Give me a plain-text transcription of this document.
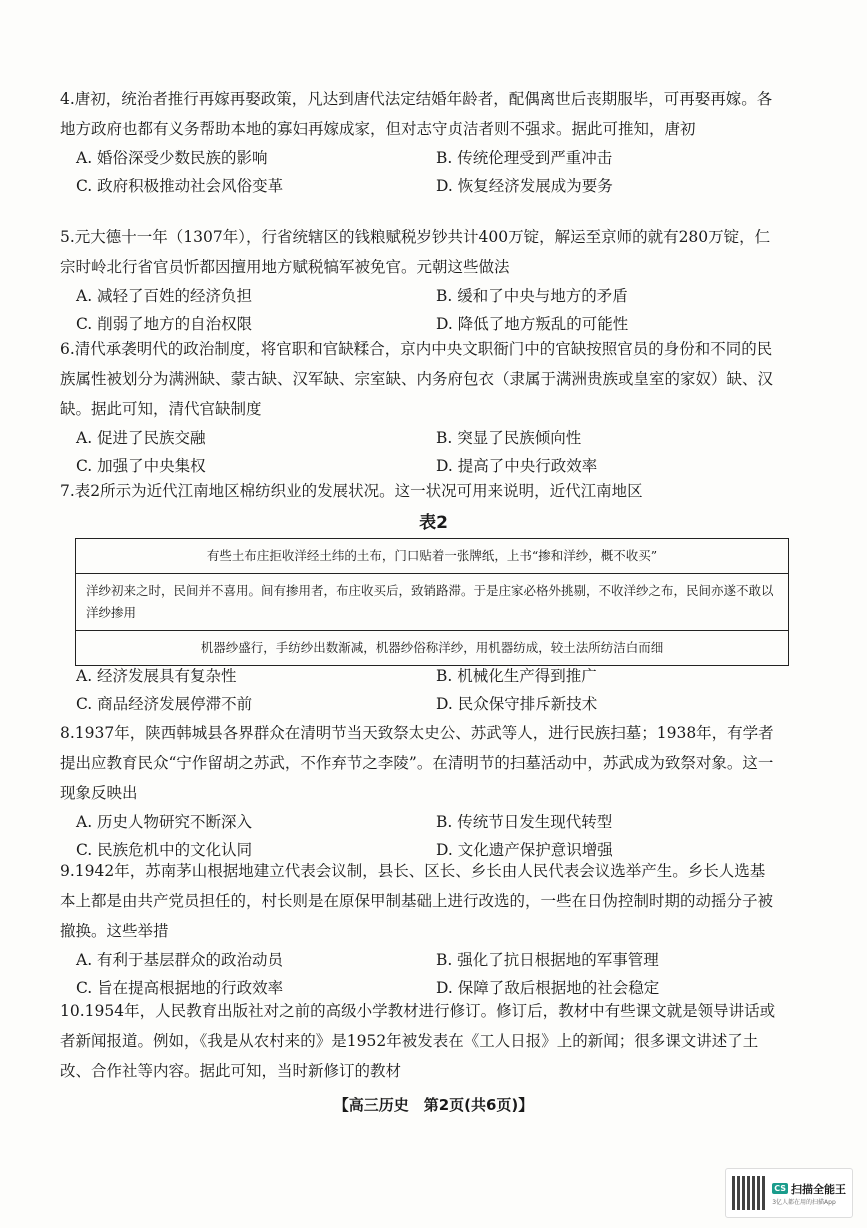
4.唐初，统治者推行再嫁再娶政策，凡达到唐代法定结婚年龄者，配偶离世后丧期服毕，可再娶再嫁。各地方政府也都有义务帮助本地的寡妇再嫁成家，但对志守贞洁者则不强求。据此可推知，唐初

A. 婚俗深受少数民族的影响	B. 传统伦理受到严重冲击
C. 政府积极推动社会风俗变革	D. 恢复经济发展成为要务

5.元大德十一年（1307年），行省统辖区的钱粮赋税岁钞共计400万锭，解运至京师的就有280万锭，仁宗时岭北行省官员忻都因擅用地方赋税犒军被免官。元朝这些做法

A. 减轻了百姓的经济负担	B. 缓和了中央与地方的矛盾
C. 削弱了地方的自治权限	D. 降低了地方叛乱的可能性

6.清代承袭明代的政治制度，将官职和官缺糅合，京内中央文职衙门中的官缺按照官员的身份和不同的民族属性被划分为满洲缺、蒙古缺、汉军缺、宗室缺、内务府包衣（隶属于满洲贵族或皇室的家奴）缺、汉缺。据此可知，清代官缺制度

A. 促进了民族交融	B. 突显了民族倾向性
C. 加强了中央集权	D. 提高了中央行政效率

7.表2所示为近代江南地区棉纺织业的发展状况。这一状况可用来说明，近代江南地区

表2
有些土布庄拒收洋经土纬的土布，门口贴着一张牌纸，上书“掺和洋纱，概不收买”
洋纱初来之时，民间并不喜用。间有掺用者，布庄收买后，致销路滞。于是庄家必格外挑剔，不收洋纱之布，民间亦遂不敢以洋纱掺用
机器纱盛行，手纺纱出数渐减，机器纱俗称洋纱，用机器纺成，较土法所纺洁白而细
A. 经济发展具有复杂性	B. 机械化生产得到推广
C. 商品经济发展停滞不前	D. 民众保守排斥新技术

8.1937年，陕西韩城县各界群众在清明节当天致祭太史公、苏武等人，进行民族扫墓；1938年，有学者提出应教育民众“宁作留胡之苏武，不作弃节之李陵”。在清明节的扫墓活动中，苏武成为致祭对象。这一现象反映出

A. 历史人物研究不断深入	B. 传统节日发生现代转型
C. 民族危机中的文化认同	D. 文化遗产保护意识增强

9.1942年，苏南茅山根据地建立代表会议制，县长、区长、乡长由人民代表会议选举产生。乡长人选基本上都是由共产党员担任的，村长则是在原保甲制基础上进行改选的，一些在日伪控制时期的动摇分子被撤换。这些举措

A. 有利于基层群众的政治动员	B. 强化了抗日根据地的军事管理
C. 旨在提高根据地的行政效率	D. 保障了敌后根据地的社会稳定

10.1954年，人民教育出版社对之前的高级小学教材进行修订。修订后，教材中有些课文就是领导讲话或者新闻报道。例如，《我是从农村来的》是1952年被发表在《工人日报》上的新闻；很多课文讲述了土改、合作社等内容。据此可知，当时新修订的教材

【高三历史　第2页(共6页)】
CS 扫描全能王
3亿人都在用的扫描App
